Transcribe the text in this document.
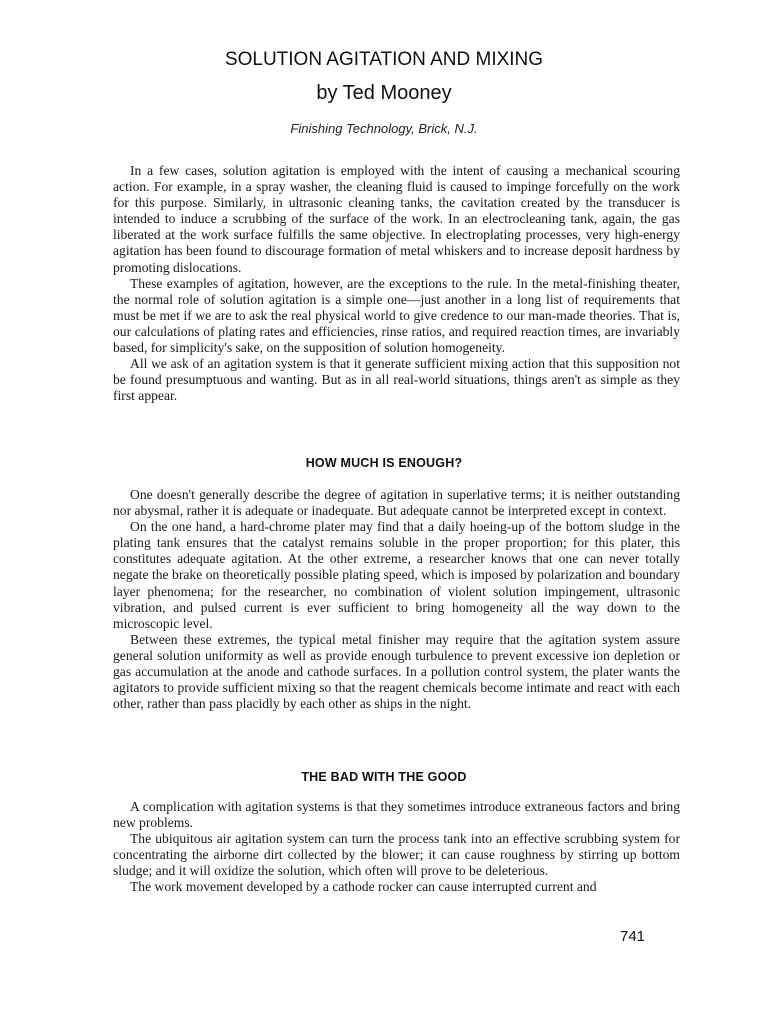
SOLUTION AGITATION AND MIXING
by Ted Mooney
Finishing Technology, Brick, N.J.

In a few cases, solution agitation is employed with the intent of causing a mechanical scouring action. For example, in a spray washer, the cleaning fluid is caused to impinge forcefully on the work for this purpose. Similarly, in ultrasonic cleaning tanks, the cavitation created by the transducer is intended to induce a scrubbing of the surface of the work. In an electrocleaning tank, again, the gas liberated at the work surface fulfills the same objective. In electroplating processes, very high-energy agitation has been found to discourage formation of metal whiskers and to increase deposit hardness by promoting dislocations.

These examples of agitation, however, are the exceptions to the rule. In the metal-finishing theater, the normal role of solution agitation is a simple one—just another in a long list of requirements that must be met if we are to ask the real physical world to give credence to our man-made theories. That is, our calculations of plating rates and efficiencies, rinse ratios, and required reaction times, are invariably based, for simplicity's sake, on the supposition of solution homogeneity.

All we ask of an agitation system is that it generate sufficient mixing action that this supposition not be found presumptuous and wanting. But as in all real-world situations, things aren't as simple as they first appear.

HOW MUCH IS ENOUGH?

One doesn't generally describe the degree of agitation in superlative terms; it is neither outstanding nor abysmal, rather it is adequate or inadequate. But adequate cannot be interpreted except in context.

On the one hand, a hard-chrome plater may find that a daily hoeing-up of the bottom sludge in the plating tank ensures that the catalyst remains soluble in the proper proportion; for this plater, this constitutes adequate agitation. At the other extreme, a researcher knows that one can never totally negate the brake on theoretically possible plating speed, which is imposed by polarization and boundary layer phenomena; for the researcher, no combination of violent solution impingement, ultrasonic vibration, and pulsed current is ever sufficient to bring homogeneity all the way down to the microscopic level.

Between these extremes, the typical metal finisher may require that the agitation system assure general solution uniformity as well as provide enough turbulence to prevent excessive ion depletion or gas accumulation at the anode and cathode surfaces. In a pollution control system, the plater wants the agitators to provide sufficient mixing so that the reagent chemicals become intimate and react with each other, rather than pass placidly by each other as ships in the night.

THE BAD WITH THE GOOD

A complication with agitation systems is that they sometimes introduce extraneous factors and bring new problems.

The ubiquitous air agitation system can turn the process tank into an effective scrubbing system for concentrating the airborne dirt collected by the blower; it can cause roughness by stirring up bottom sludge; and it will oxidize the solution, which often will prove to be deleterious.

The work movement developed by a cathode rocker can cause interrupted current and

741
